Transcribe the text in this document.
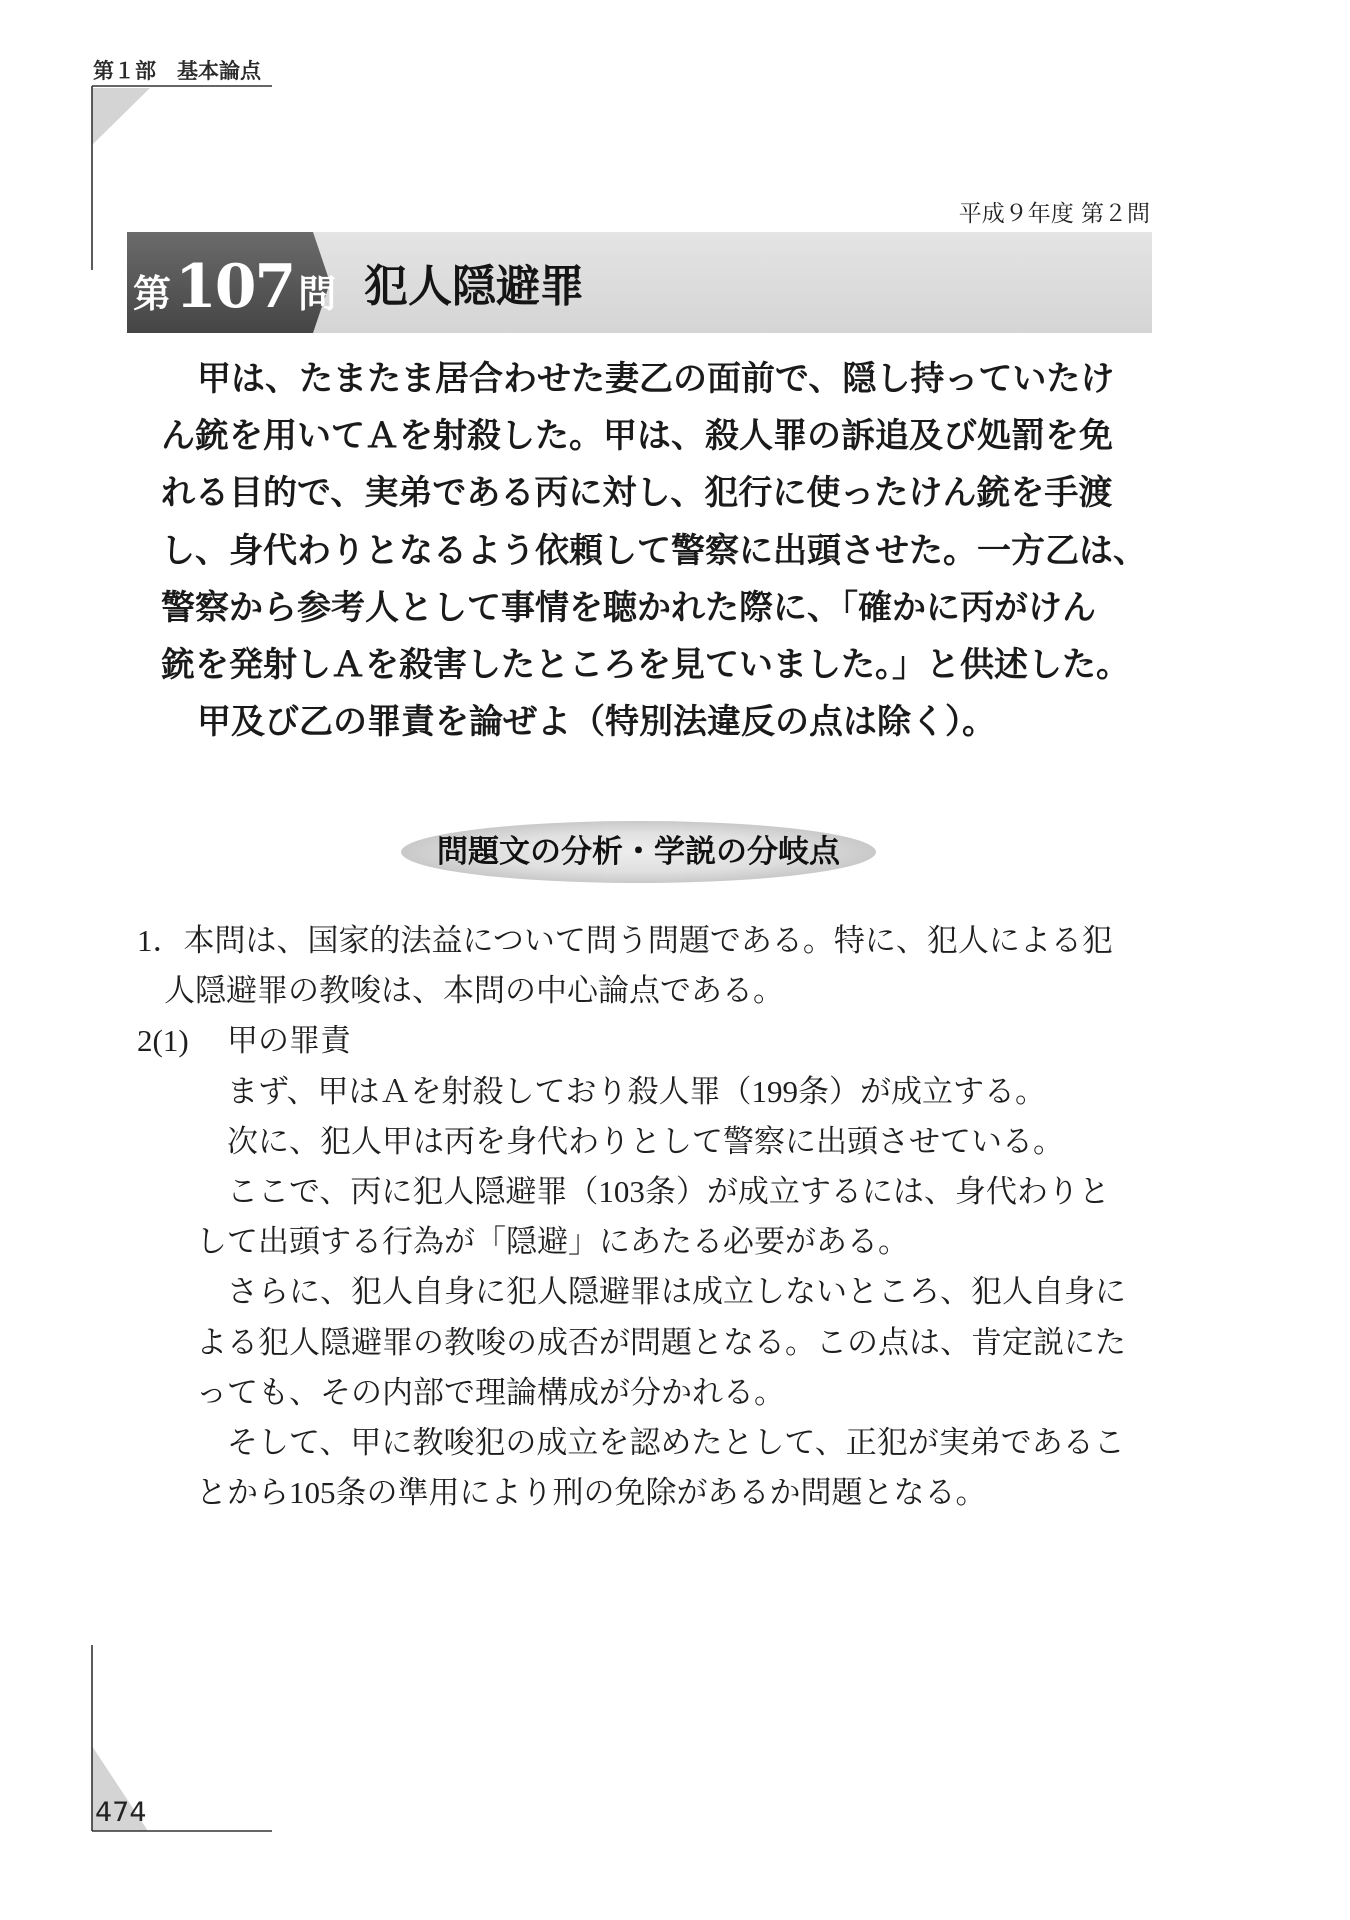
第１部　基本論点
平成９年度 第２問
第 107 問 犯人隠避罪
甲は、たまたま居合わせた妻乙の面前で、隠し持っていたけ
ん銃を用いてＡを射殺した。甲は、殺人罪の訴追及び処罰を免
れる目的で、実弟である丙に対し、犯行に使ったけん銃を手渡
し、身代わりとなるよう依頼して警察に出頭させた。一方乙は、
警察から参考人として事情を聴かれた際に、「確かに丙がけん
銃を発射しＡを殺害したところを見ていました。」と供述した。
甲及び乙の罪責を論ぜよ（特別法違反の点は除く）。
問題文の分析・学説の分岐点
1．本問は、国家的法益について問う問題である。特に、犯人による犯
人隠避罪の教唆は、本問の中心論点である。
2(1) 甲の罪責
まず、甲はＡを射殺しており殺人罪（199条）が成立する。
次に、犯人甲は丙を身代わりとして警察に出頭させている。
ここで、丙に犯人隠避罪（103条）が成立するには、身代わりと
して出頭する行為が「隠避」にあたる必要がある。
さらに、犯人自身に犯人隠避罪は成立しないところ、犯人自身に
よる犯人隠避罪の教唆の成否が問題となる。この点は、肯定説にた
っても、その内部で理論構成が分かれる。
そして、甲に教唆犯の成立を認めたとして、正犯が実弟であるこ
とから105条の準用により刑の免除があるか問題となる。
474
